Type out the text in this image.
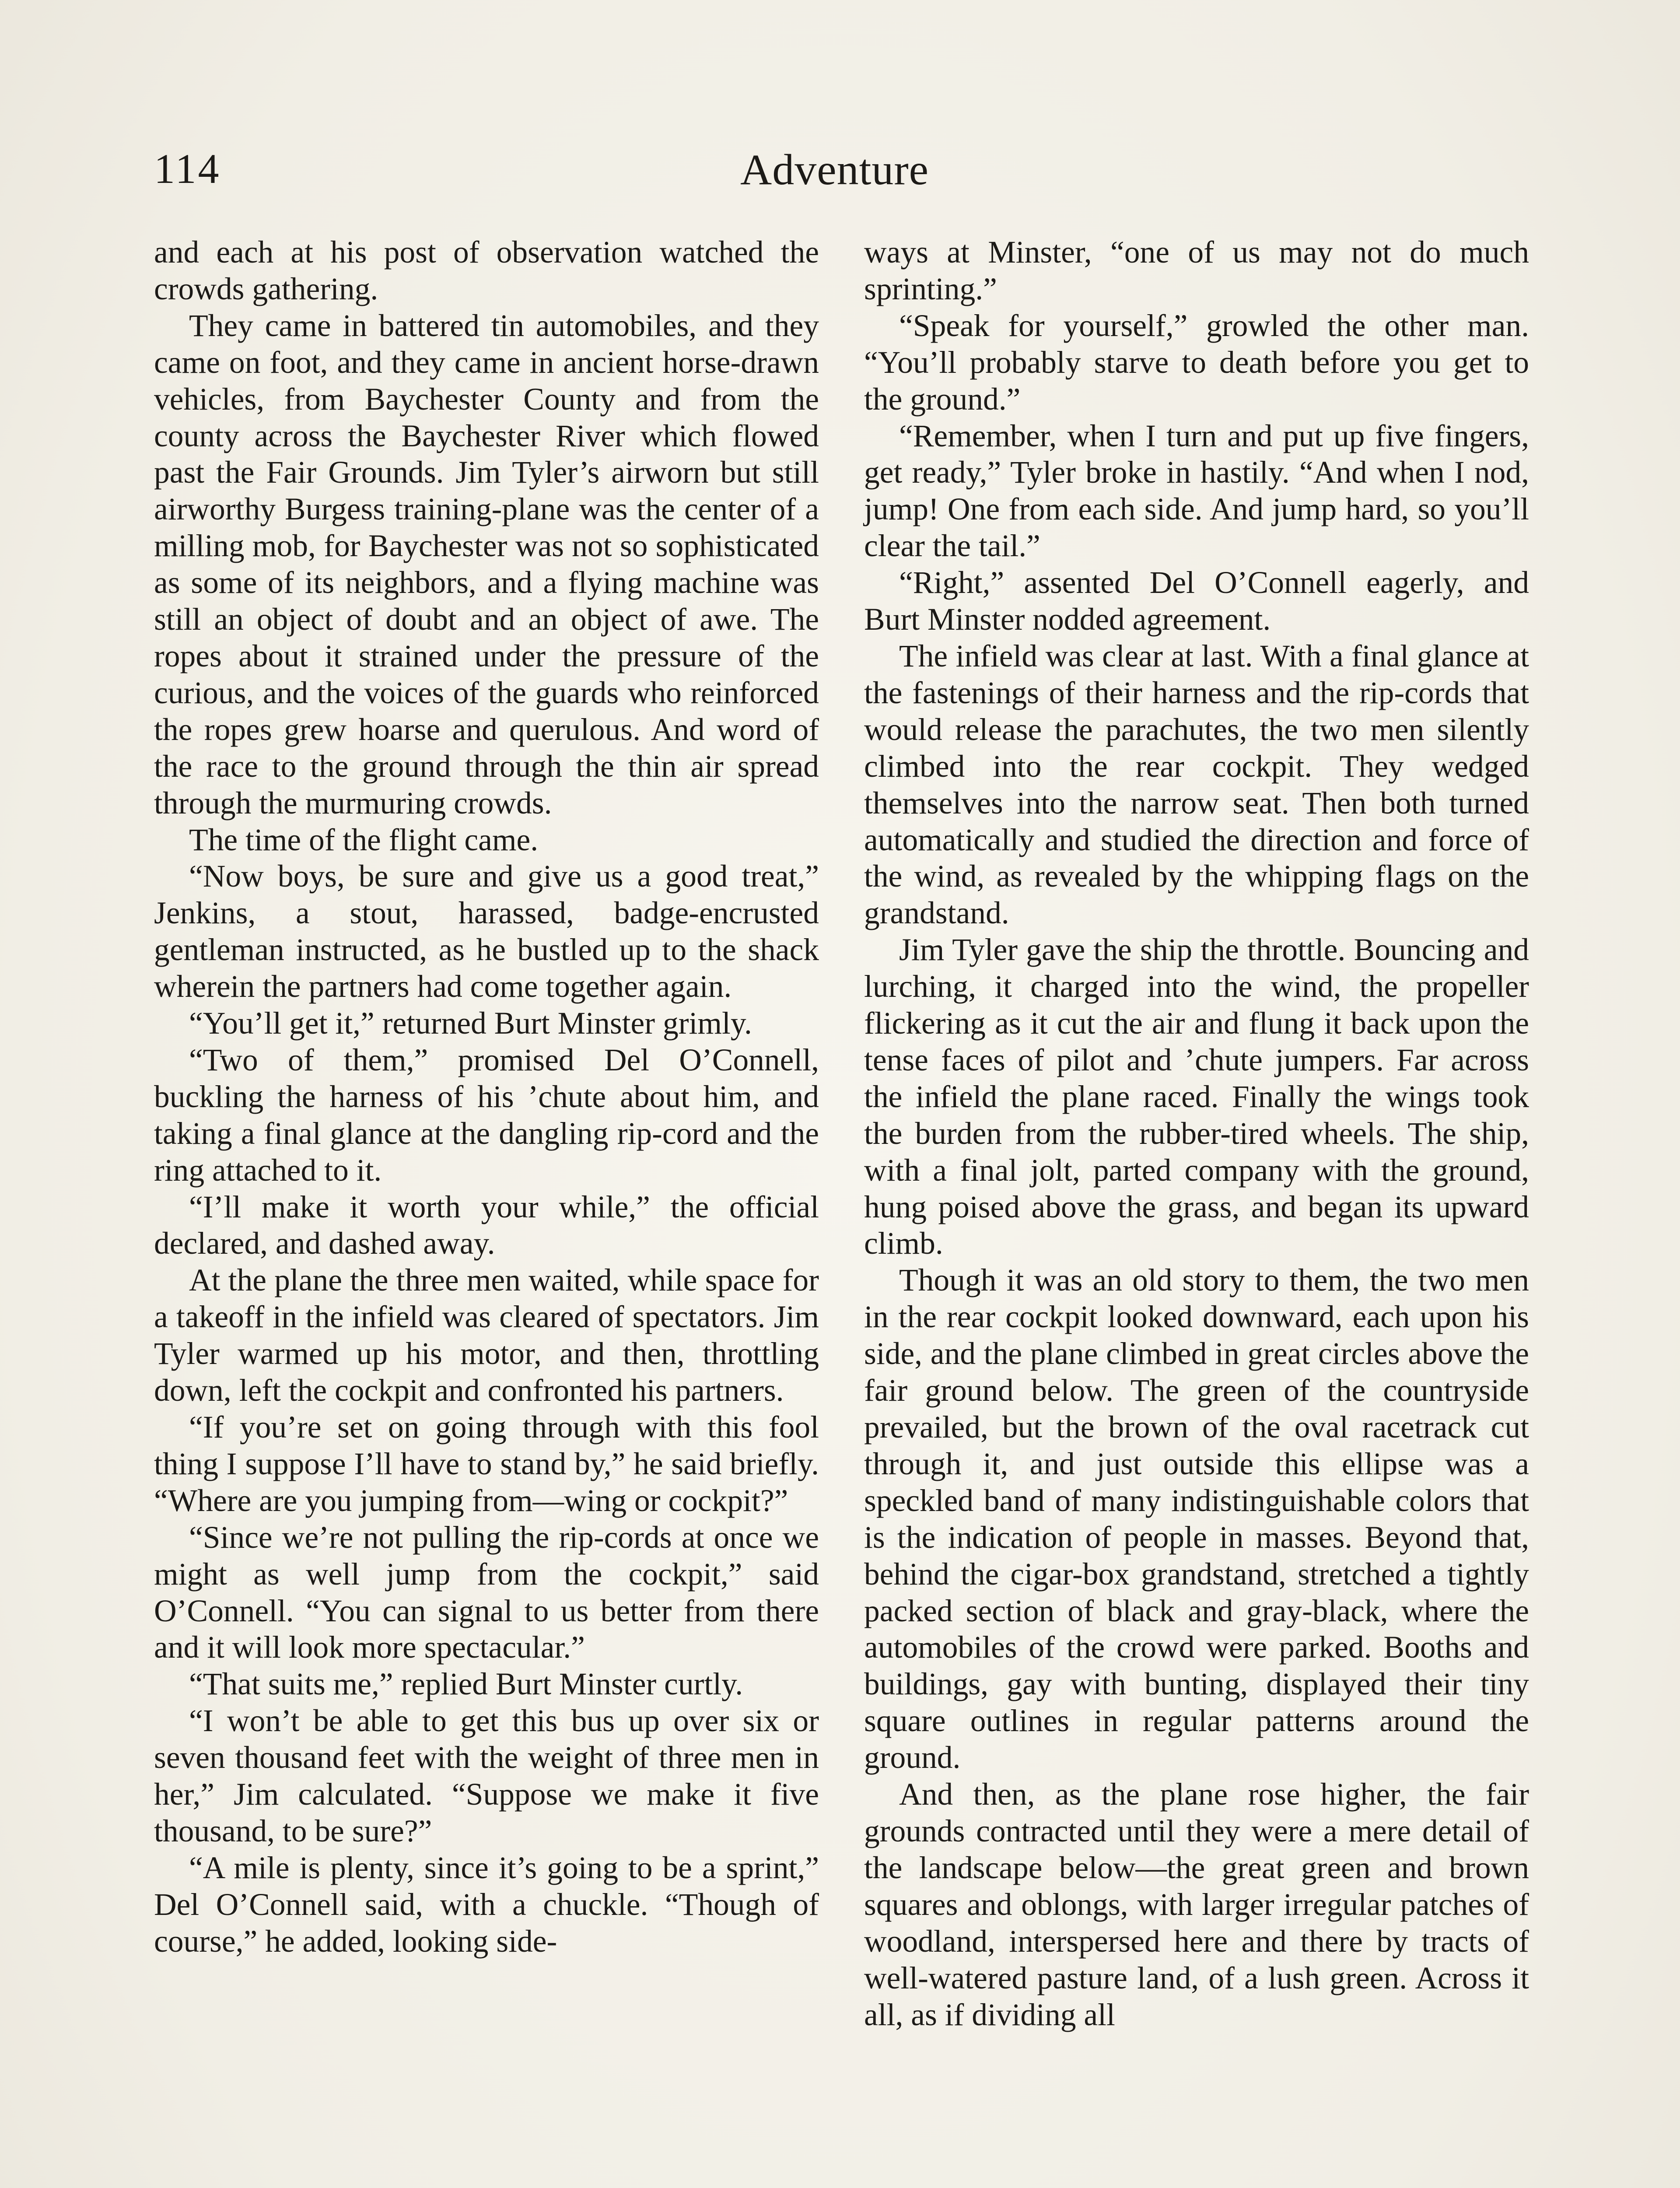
114	Adventure

and each at his post of observation watched the crowds gathering.

They came in battered tin automobiles, and they came on foot, and they came in ancient horse-drawn vehicles, from Baychester County and from the county across the Baychester River which flowed past the Fair Grounds. Jim Tyler’s airworn but still airworthy Burgess training-plane was the center of a milling mob, for Baychester was not so sophisticated as some of its neighbors, and a flying machine was still an object of doubt and an object of awe. The ropes about it strained under the pressure of the curious, and the voices of the guards who reinforced the ropes grew hoarse and querulous. And word of the race to the ground through the thin air spread through the murmuring crowds.

The time of the flight came.

“Now boys, be sure and give us a good treat,” Jenkins, a stout, harassed, badge-encrusted gentleman instructed, as he bustled up to the shack wherein the partners had come together again.

“You’ll get it,” returned Burt Minster grimly.

“Two of them,” promised Del O’Connell, buckling the harness of his ’chute about him, and taking a final glance at the dangling rip-cord and the ring attached to it.

“I’ll make it worth your while,” the official declared, and dashed away.

At the plane the three men waited, while space for a takeoff in the infield was cleared of spectators. Jim Tyler warmed up his motor, and then, throttling down, left the cockpit and confronted his partners.

“If you’re set on going through with this fool thing I suppose I’ll have to stand by,” he said briefly. “Where are you jumping from—wing or cockpit?”

“Since we’re not pulling the rip-cords at once we might as well jump from the cockpit,” said O’Connell. “You can signal to us better from there and it will look more spectacular.”

“That suits me,” replied Burt Minster curtly.

“I won’t be able to get this bus up over six or seven thousand feet with the weight of three men in her,” Jim calculated. “Suppose we make it five thousand, to be sure?”

“A mile is plenty, since it’s going to be a sprint,” Del O’Connell said, with a chuckle. “Though of course,” he added, looking side-

ways at Minster, “one of us may not do much sprinting.”

“Speak for yourself,” growled the other man. “You’ll probably starve to death before you get to the ground.”

“Remember, when I turn and put up five fingers, get ready,” Tyler broke in hastily. “And when I nod, jump! One from each side. And jump hard, so you’ll clear the tail.”

“Right,” assented Del O’Connell eagerly, and Burt Minster nodded agreement.

The infield was clear at last. With a final glance at the fastenings of their harness and the rip-cords that would release the parachutes, the two men silently climbed into the rear cockpit. They wedged themselves into the narrow seat. Then both turned automatically and studied the direction and force of the wind, as revealed by the whipping flags on the grandstand.

Jim Tyler gave the ship the throttle. Bouncing and lurching, it charged into the wind, the propeller flickering as it cut the air and flung it back upon the tense faces of pilot and ’chute jumpers. Far across the infield the plane raced. Finally the wings took the burden from the rubber-tired wheels. The ship, with a final jolt, parted company with the ground, hung poised above the grass, and began its upward climb.

Though it was an old story to them, the two men in the rear cockpit looked downward, each upon his side, and the plane climbed in great circles above the fair ground below. The green of the countryside prevailed, but the brown of the oval racetrack cut through it, and just outside this ellipse was a speckled band of many indistinguishable colors that is the indication of people in masses. Beyond that, behind the cigar-box grandstand, stretched a tightly packed section of black and gray-black, where the automobiles of the crowd were parked. Booths and buildings, gay with bunting, displayed their tiny square outlines in regular patterns around the ground.

And then, as the plane rose higher, the fair grounds contracted until they were a mere detail of the landscape below—the great green and brown squares and oblongs, with larger irregular patches of woodland, interspersed here and there by tracts of well-watered pasture land, of a lush green. Across it all, as if dividing all
